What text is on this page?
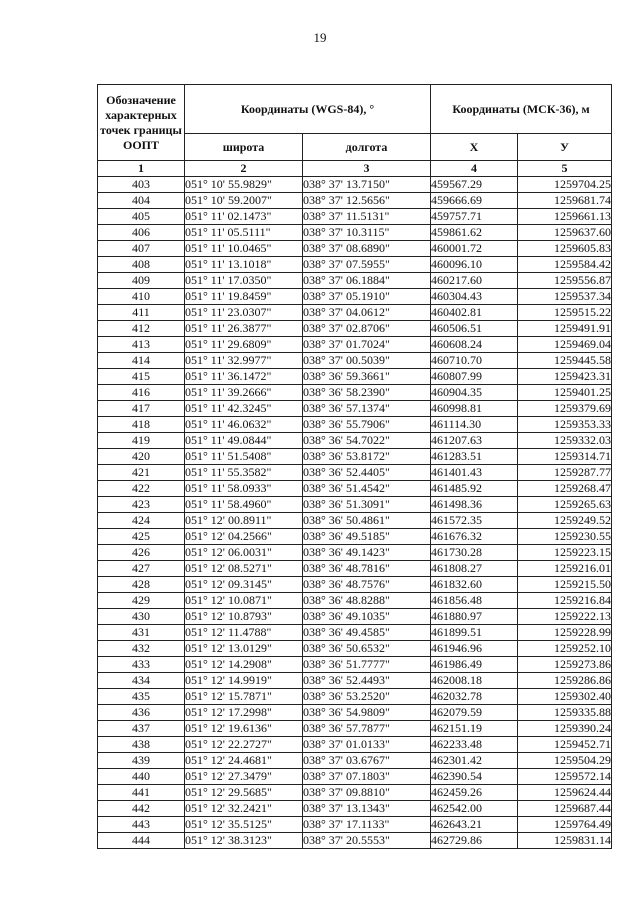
19
Обозначение характерных точек границы ООПТ	Координаты (WGS-84), °		Координаты (МСК-36), м	
	широта	долгота	Х	У
1	2	3	4	5
403	051° 10' 55.9829"	038° 37' 13.7150"	459567.29	1259704.25
404	051° 10' 59.2007"	038° 37' 12.5656"	459666.69	1259681.74
405	051° 11' 02.1473"	038° 37' 11.5131"	459757.71	1259661.13
406	051° 11' 05.5111"	038° 37' 10.3115"	459861.62	1259637.60
407	051° 11' 10.0465"	038° 37' 08.6890"	460001.72	1259605.83
408	051° 11' 13.1018"	038° 37' 07.5955"	460096.10	1259584.42
409	051° 11' 17.0350"	038° 37' 06.1884"	460217.60	1259556.87
410	051° 11' 19.8459"	038° 37' 05.1910"	460304.43	1259537.34
411	051° 11' 23.0307"	038° 37' 04.0612"	460402.81	1259515.22
412	051° 11' 26.3877"	038° 37' 02.8706"	460506.51	1259491.91
413	051° 11' 29.6809"	038° 37' 01.7024"	460608.24	1259469.04
414	051° 11' 32.9977"	038° 37' 00.5039"	460710.70	1259445.58
415	051° 11' 36.1472"	038° 36' 59.3661"	460807.99	1259423.31
416	051° 11' 39.2666"	038° 36' 58.2390"	460904.35	1259401.25
417	051° 11' 42.3245"	038° 36' 57.1374"	460998.81	1259379.69
418	051° 11' 46.0632"	038° 36' 55.7906"	461114.30	1259353.33
419	051° 11' 49.0844"	038° 36' 54.7022"	461207.63	1259332.03
420	051° 11' 51.5408"	038° 36' 53.8172"	461283.51	1259314.71
421	051° 11' 55.3582"	038° 36' 52.4405"	461401.43	1259287.77
422	051° 11' 58.0933"	038° 36' 51.4542"	461485.92	1259268.47
423	051° 11' 58.4960"	038° 36' 51.3091"	461498.36	1259265.63
424	051° 12' 00.8911"	038° 36' 50.4861"	461572.35	1259249.52
425	051° 12' 04.2566"	038° 36' 49.5185"	461676.32	1259230.55
426	051° 12' 06.0031"	038° 36' 49.1423"	461730.28	1259223.15
427	051° 12' 08.5271"	038° 36' 48.7816"	461808.27	1259216.01
428	051° 12' 09.3145"	038° 36' 48.7576"	461832.60	1259215.50
429	051° 12' 10.0871"	038° 36' 48.8288"	461856.48	1259216.84
430	051° 12' 10.8793"	038° 36' 49.1035"	461880.97	1259222.13
431	051° 12' 11.4788"	038° 36' 49.4585"	461899.51	1259228.99
432	051° 12' 13.0129"	038° 36' 50.6532"	461946.96	1259252.10
433	051° 12' 14.2908"	038° 36' 51.7777"	461986.49	1259273.86
434	051° 12' 14.9919"	038° 36' 52.4493"	462008.18	1259286.86
435	051° 12' 15.7871"	038° 36' 53.2520"	462032.78	1259302.40
436	051° 12' 17.2998"	038° 36' 54.9809"	462079.59	1259335.88
437	051° 12' 19.6136"	038° 36' 57.7877"	462151.19	1259390.24
438	051° 12' 22.2727"	038° 37' 01.0133"	462233.48	1259452.71
439	051° 12' 24.4681"	038° 37' 03.6767"	462301.42	1259504.29
440	051° 12' 27.3479"	038° 37' 07.1803"	462390.54	1259572.14
441	051° 12' 29.5685"	038° 37' 09.8810"	462459.26	1259624.44
442	051° 12' 32.2421"	038° 37' 13.1343"	462542.00	1259687.44
443	051° 12' 35.5125"	038° 37' 17.1133"	462643.21	1259764.49
444	051° 12' 38.3123"	038° 37' 20.5553"	462729.86	1259831.14
